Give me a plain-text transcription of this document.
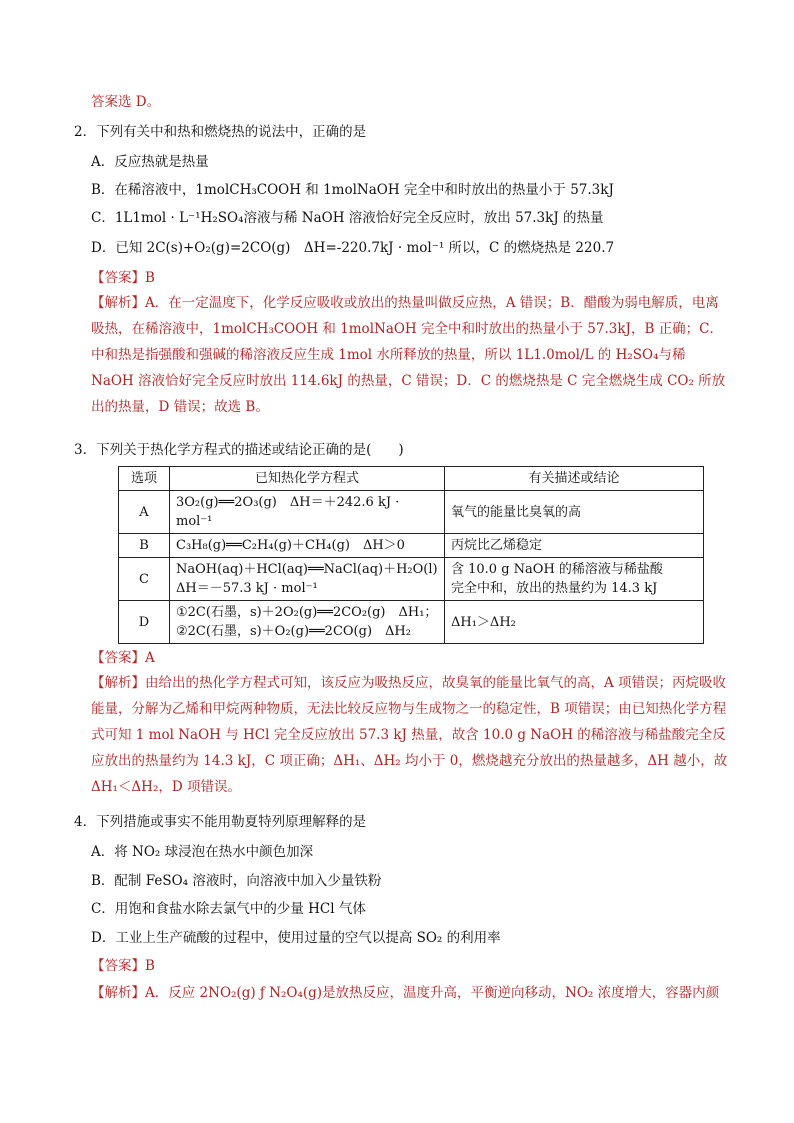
答案选 D。
2．下列有关中和热和燃烧热的说法中，正确的是
A．反应热就是热量
B．在稀溶液中，1molCH₃COOH 和 1molNaOH 完全中和时放出的热量小于 57.3kJ
C．1L1mol · L⁻¹H₂SO₄溶液与稀 NaOH 溶液恰好完全反应时，放出 57.3kJ 的热量
D．已知 2C(s)+O₂(g)=2CO(g)　ΔH=-220.7kJ · mol⁻¹ 所以，C 的燃烧热是 220.7
【答案】B
【解析】A．在一定温度下，化学反应吸收或放出的热量叫做反应热，A 错误；B．醋酸为弱电解质，电离吸热，在稀溶液中，1molCH₃COOH 和 1molNaOH 完全中和时放出的热量小于 57.3kJ，B 正确；C．中和热是指强酸和强碱的稀溶液反应生成 1mol 水所释放的热量，所以 1L1.0mol/L 的 H₂SO₄与稀 NaOH 溶液恰好完全反应时放出 114.6kJ 的热量，C 错误；D．C 的燃烧热是 C 完全燃烧生成 CO₂ 所放出的热量，D 错误；故选 B。
3．下列关于热化学方程式的描述或结论正确的是(　　)
选项	已知热化学方程式	有关描述或结论
A	3O₂(g)══2O₃(g)　ΔH＝＋242.6 kJ · mol⁻¹	氧气的能量比臭氧的高
B	C₃H₈(g)══C₂H₄(g)＋CH₄(g)　ΔH＞0	丙烷比乙烯稳定
C	NaOH(aq)＋HCl(aq)══NaCl(aq)＋H₂O(l)
ΔH＝－57.3 kJ · mol⁻¹	含 10.0 g NaOH 的稀溶液与稀盐酸
完全中和，放出的热量约为 14.3 kJ

D	①2C(石墨，s)＋2O₂(g)══2CO₂(g)　ΔH₁；
②2C(石墨，s)＋O₂(g)══2CO(g)　ΔH₂	ΔH₁＞ΔH₂
【答案】A
【解析】由给出的热化学方程式可知，该反应为吸热反应，故臭氧的能量比氧气的高，A 项错误；丙烷吸收能量，分解为乙烯和甲烷两种物质，无法比较反应物与生成物之一的稳定性，B 项错误；由已知热化学方程式可知 1 mol NaOH 与 HCl 完全反应放出 57.3 kJ 热量，故含 10.0 g NaOH 的稀溶液与稀盐酸完全反应放出的热量约为 14.3 kJ，C 项正确；ΔH₁、ΔH₂ 均小于 0，燃烧越充分放出的热量越多，ΔH 越小，故 ΔH₁＜ΔH₂，D 项错误。
4．下列措施或事实不能用勒夏特列原理解释的是
A．将 NO₂ 球浸泡在热水中颜色加深
B．配制 FeSO₄ 溶液时，向溶液中加入少量铁粉
C．用饱和食盐水除去氯气中的少量 HCl 气体
D．工业上生产硫酸的过程中，使用过量的空气以提高 SO₂ 的利用率
【答案】B
【解析】A．反应 2NO₂(g) ƒ N₂O₄(g)是放热反应，温度升高，平衡逆向移动，NO₂ 浓度增大，容器内颜
